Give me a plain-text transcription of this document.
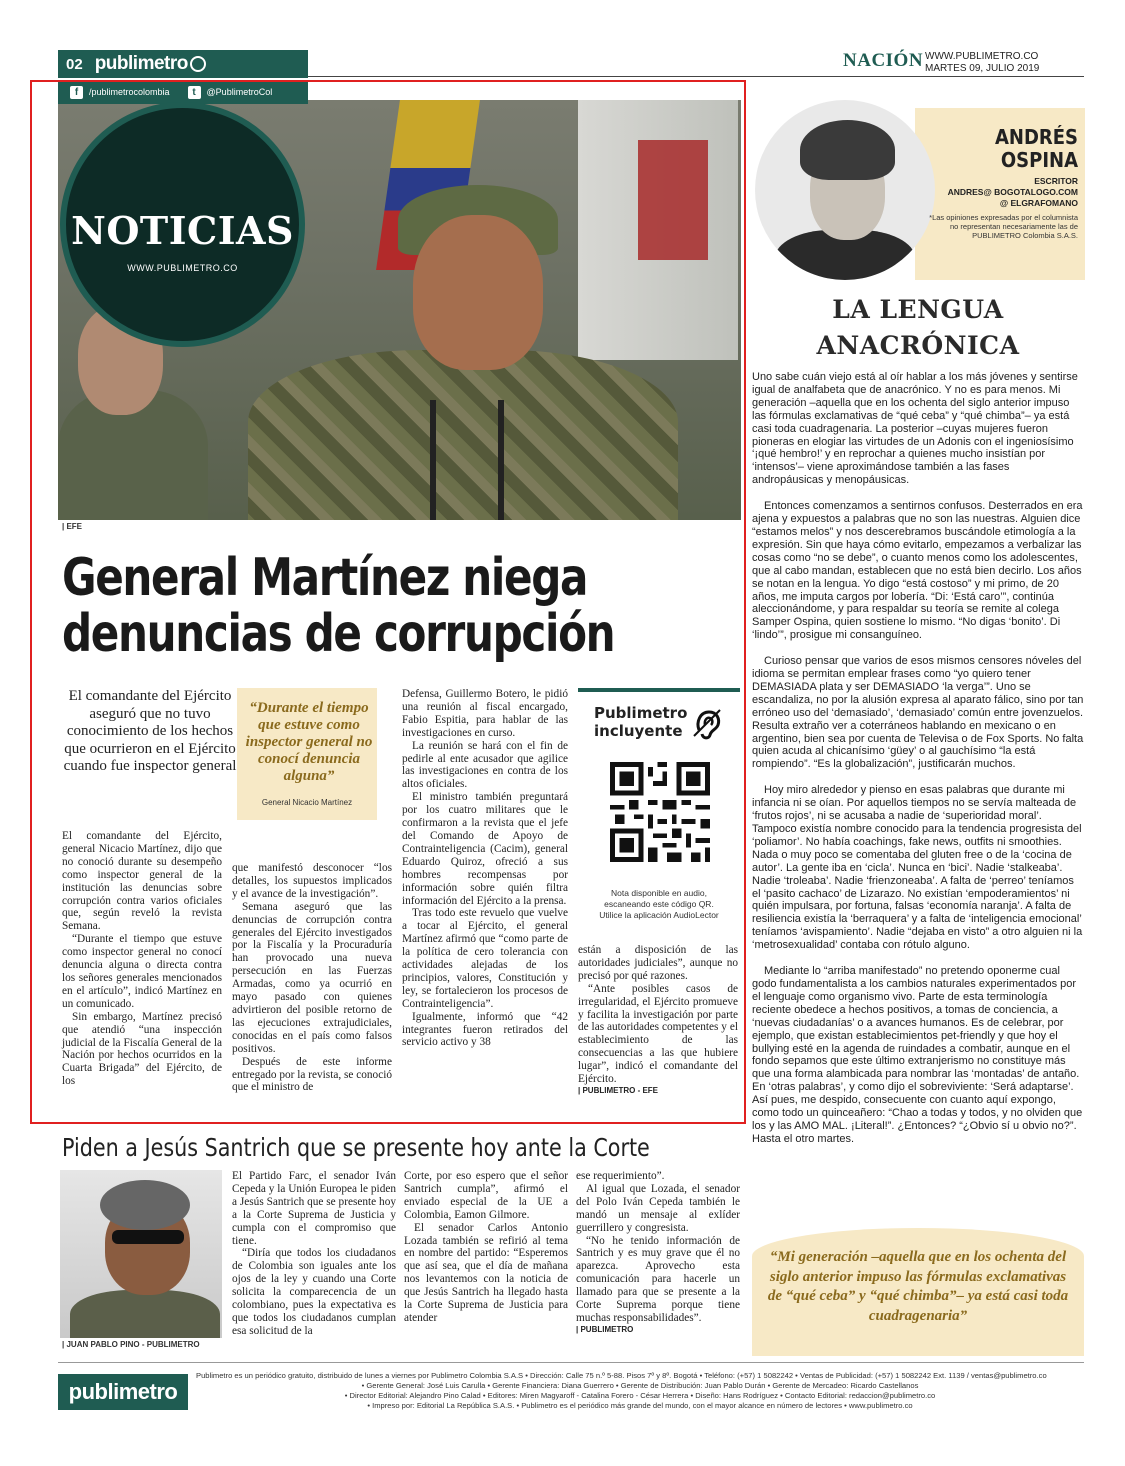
02 publimetro	NACIÓN WWW.PUBLIMETRO.CO
MARTES 09, JULIO 2019
| EFE
f	/publimetrocolombia	t	@PublimetroCol
NOTICIAS
WWW.PUBLIMETRO.CO
General Martínez niega
denuncias de corrupción
El comandante del Ejército aseguró que no tuvo conocimiento de los hechos que ocurrieron en el Ejército cuando fue inspector general
“Durante el tiempo que estuve como inspector general no conocí denuncia alguna”
General Nicacio Martínez

El comandante del Ejército, general Nicacio Martínez, dijo que no conoció durante su desempeño como inspector general de la institución las denuncias sobre corrupción contra varios oficiales que, según reveló la revista Semana.

“Durante el tiempo que estuve como inspector general no conocí denuncia alguna o directa contra los señores generales mencionados en el artículo”, indicó Martínez en un comunicado.

Sin embargo, Martínez precisó que atendió “una inspección judicial de la Fiscalía General de la Nación por hechos ocurridos en la Cuarta Brigada” del Ejército, de los

que manifestó desconocer “los detalles, los supuestos implicados y el avance de la investigación”.

Semana aseguró que las denuncias de corrupción contra generales del Ejército investigados por la Fiscalía y la Procuraduría han provocado una nueva persecución en las Fuerzas Armadas, como ya ocurrió en mayo pasado con quienes advirtieron del posible retorno de las ejecuciones extrajudiciales, conocidas en el país como falsos positivos.

Después de este informe entregado por la revista, se conoció que el ministro de

Defensa, Guillermo Botero, le pidió una reunión al fiscal encargado, Fabio Espitia, para hablar de las investigaciones en curso.

La reunión se hará con el fin de pedirle al ente acusador que agilice las investigaciones en contra de los altos oficiales.

El ministro también preguntará por los cuatro militares que le confirmaron a la revista que el jefe del Comando de Apoyo de Contrainteligencia (Cacim), general Eduardo Quiroz, ofreció a sus hombres recompensas por información sobre quién filtra información del Ejército a la prensa.

Tras todo este revuelo que vuelve a tocar al Ejército, el general Martínez afirmó que “como parte de la política de cero tolerancia con actividades alejadas de los principios, valores, Constitución y ley, se fortalecieron los procesos de Contrainteligencia”.

Igualmente, informó que “42 integrantes fueron retirados del servicio activo y 38

están a disposición de las autoridades judiciales”, aunque no precisó por qué razones.

“Ante posibles casos de irregularidad, el Ejército promueve y facilita la investigación por parte de las autoridades competentes y el establecimiento de las consecuencias a las que hubiere lugar”, indicó el comandante del Ejército.

| PUBLIMETRO - EFE
Publimetro
incluyente
Nota disponible en audio, escaneando este código QR. Utilice la aplicación AudioLector
ANDRÉS
OSPINA
ESCRITOR
ANDRES@ BOGOTALOGO.COM
@ ELGRAFOMANO
*Las opiniones expresadas por el columnista no representan necesariamente las de PUBLIMETRO Colombia S.A.S.
LA LENGUA
ANACRÓNICA

Uno sabe cuán viejo está al oír hablar a los más jóvenes y sentirse igual de analfabeta que de anacrónico. Y no es para menos. Mi generación –aquella que en los ochenta del siglo anterior impuso las fórmulas exclamativas de “qué ceba” y “qué chimba”– ya está casi toda cuadragenaria. La posterior –cuyas mujeres fueron pioneras en elogiar las virtudes de un Adonis con el ingeniosísimo ‘¡qué hembro!’ y en reprochar a quienes mucho insistían por ‘intensos’– viene aproximándose también a las fases andropáusicas y menopáusicas.

Entonces comenzamos a sentirnos confusos. Desterrados en era ajena y expuestos a palabras que no son las nuestras. Alguien dice “estamos melos” y nos descerebramos buscándole etimología a la expresión. Sin que haya cómo evitarlo, empezamos a verbalizar las cosas como “no se debe”, o cuanto menos como los adolescentes, que al cabo mandan, establecen que no está bien decirlo. Los años se notan en la lengua. Yo digo “está costoso” y mi primo, de 20 años, me imputa cargos por lobería. “Di: ‘Está caro’”, continúa aleccionándome, y para respaldar su teoría se remite al colega Samper Ospina, quien sostiene lo mismo. “No digas ‘bonito’. Di ‘lindo’”, prosigue mi consanguíneo.

Curioso pensar que varios de esos mismos censores nóveles del idioma se permitan emplear frases como “yo quiero tener DEMASIADA plata y ser DEMASIADO ‘la verga’”. Uno se escandaliza, no por la alusión expresa al aparato fálico, sino por tan erróneo uso del ‘demasiado’, ‘demasiado’ común entre jovenzuelos. Resulta extraño ver a coterráneos hablando en mexicano o en argentino, bien sea por cuenta de Televisa o de Fox Sports. No falta quien acuda al chicanísimo ‘güey’ o al gauchísimo “la está rompiendo”. “Es la globalización”, justificarán muchos.

Hoy miro alrededor y pienso en esas palabras que durante mi infancia ni se oían. Por aquellos tiempos no se servía malteada de ‘frutos rojos’, ni se acusaba a nadie de ‘superioridad moral’. Tampoco existía nombre conocido para la tendencia progresista del ‘poliamor’. No había coachings, fake news, outfits ni smoothies. Nada o muy poco se comentaba del gluten free o de la ‘cocina de autor’. La gente iba en ‘cicla’. Nunca en ‘bici’. Nadie ‘stalkeaba’. Nadie ‘troleaba’. Nadie ‘frienzoneaba’. A falta de ‘perreo’ teníamos el ‘pasito cachaco’ de Lizarazo. No existían ‘empoderamientos’ ni quién impulsara, por fortuna, falsas ‘economía naranja’. A falta de resiliencia existía la ‘berraquera’ y a falta de ‘inteligencia emocional’ teníamos ‘avispamiento’. Nadie “dejaba en visto” a otro alguien ni la ‘metrosexualidad’ contaba con rótulo alguno.

Mediante lo “arriba manifestado” no pretendo oponerme cual godo fundamentalista a los cambios naturales experimentados por el lenguaje como organismo vivo. Parte de esta terminología reciente obedece a hechos positivos, a tomas de conciencia, a ‘nuevas ciudadanías’ o a avances humanos. Es de celebrar, por ejemplo, que existan establecimientos pet-friendly y que hoy el bullying esté en la agenda de ruindades a combatir, aunque en el fondo sepamos que este último extranjerismo no constituye más que una forma alambicada para nombrar las ‘montadas’ de antaño. En ‘otras palabras’, y como dijo el sobreviviente: ‘Será adaptarse’. Así pues, me despido, consecuente con cuanto aquí expongo, como todo un quinceañero: “Chao a todas y todos, y no olviden que los y las AMO MAL. ¡Literal!”. ¿Entonces? “¿Obvio sí u obvio no?”. Hasta el otro martes.

“Mi generación –aquella que en los ochenta del siglo anterior impuso las fórmulas exclamativas de “qué ceba” y “qué chimba”– ya está casi toda cuadragenaria”
Piden a Jesús Santrich que se presente hoy ante la Corte
| JUAN PABLO PINO - PUBLIMETRO

El Partido Farc, el senador Iván Cepeda y la Unión Europea le piden a Jesús Santrich que se presente hoy a la Corte Suprema de Justicia y cumpla con el compromiso que tiene.

“Diría que todos los ciudadanos de Colombia son iguales ante los ojos de la ley y cuando una Corte solicita la comparecencia de un colombiano, pues la expectativa es que todos los ciudadanos cumplan esa solicitud de la

Corte, por eso espero que el señor Santrich cumpla”, afirmó el enviado especial de la UE a Colombia, Eamon Gilmore.

El senador Carlos Antonio Lozada también se refirió al tema en nombre del partido: “Esperemos que así sea, que el día de mañana nos levantemos con la noticia de que Jesús Santrich ha llegado hasta la Corte Suprema de Justicia para atender

ese requerimiento”.

Al igual que Lozada, el senador del Polo Iván Cepeda también le mandó un mensaje al exlíder guerrillero y congresista.

“No he tenido información de Santrich y es muy grave que él no aparezca. Aprovecho esta comunicación para hacerle un llamado para que se presente a la Corte Suprema porque tiene muchas responsabilidades”.

| PUBLIMETRO
publimetro
Publimetro es un periódico gratuito, distribuido de lunes a viernes por Publimetro Colombia S.A.S • Dirección: Calle 75 n.º 5-88. Pisos 7º y 8º. Bogotá • Teléfono: (+57) 1 5082242 • Ventas de Publicidad: (+57) 1 5082242 Ext. 1139 / ventas@publimetro.co
• Gerente General: José Luis Carulla • Gerente Financiera: Diana Guerrero • Gerente de Distribución: Juan Pablo Durán • Gerente de Mercadeo: Ricardo Castellanos
• Director Editorial: Alejandro Pino Calad • Editores: Miren Magyaroff - Catalina Forero - César Herrera • Diseño: Hans Rodríguez • Contacto Editorial: redaccion@publimetro.co
• Impreso por: Editorial La República S.A.S. • Publimetro es el periódico más grande del mundo, con el mayor alcance en número de lectores • www.publimetro.co
